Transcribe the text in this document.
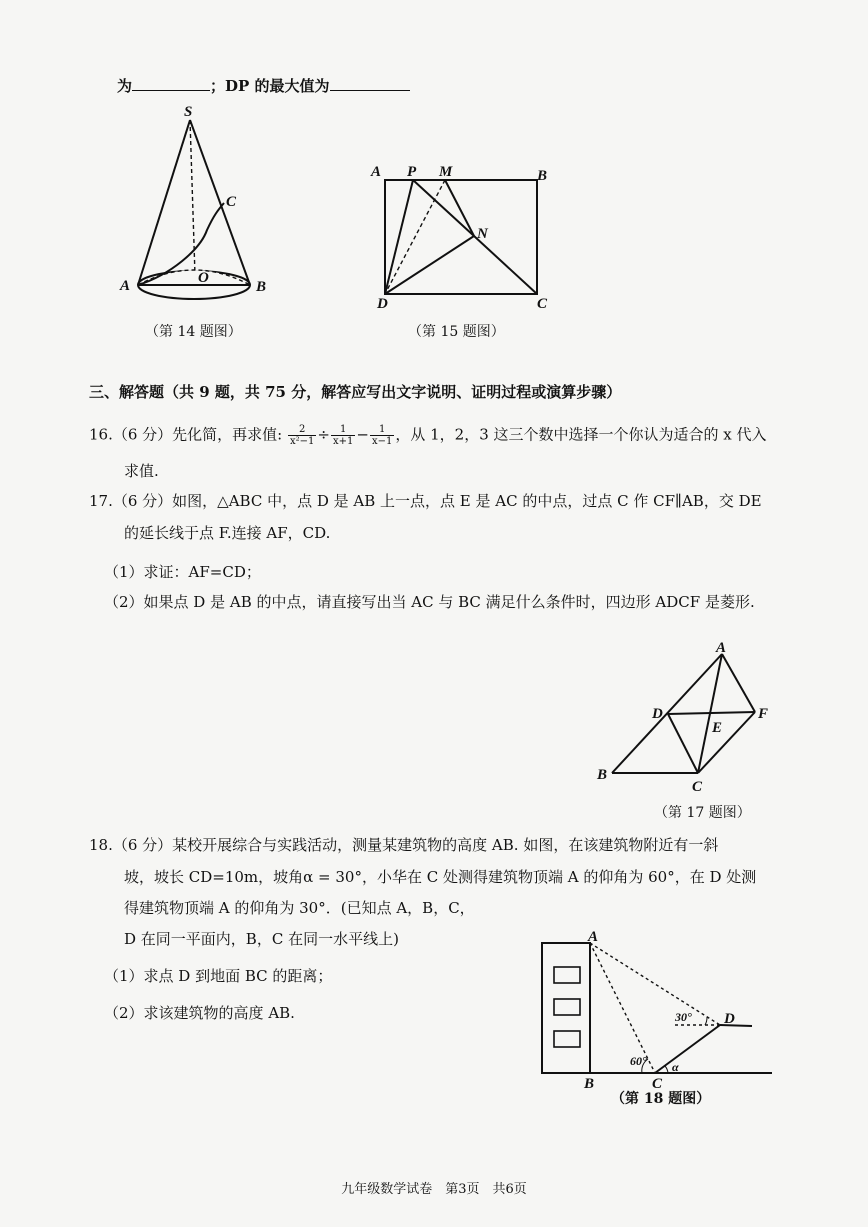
为	；DP 的最大值为
S
C
A	O
B
（第 14 题图）
A P M	B
N
D	C
（第 15 题图）
三、解答题（共 9 题，共 75 分，解答应写出文字说明、证明过程或演算步骤）
16.（6 分）先化简，再求值: $\frac{2}{\text{x²−1}} \div \frac{1}{x+1} - \frac{1}{x-1}$ ，从 1，2，3 这三个数中选择一个你认为适合的 x 代入
求值.
17.（6 分）如图，△ABC 中，点 D 是 AB 上一点，点 E 是 AC 的中点，过点 C 作 CF∥AB，交 DE
的延长线于点 F.连接 AF，CD.
（1）求证：AF=CD；
（2）如果点 D 是 AB 的中点，请直接写出当 AC 与 BC 满足什么条件时，四边形 ADCF 是菱形.
A
D
E
F
B
C
（第 17 题图）
18.（6 分）某校开展综合与实践活动，测量某建筑物的高度 AB. 如图，在该建筑物附近有一斜
坡，坡长 CD=10m，坡角α = 30°，小华在 C 处测得建筑物顶端 A 的仰角为 60°，在 D 处测
得建筑物顶端 A 的仰角为 30°．(已知点 A，B，C，
D 在同一平面内，B，C 在同一水平线上)
（1）求点 D 到地面 BC 的距离；
（2）求该建筑物的高度 AB.
A
D
B	C
30°
60° α
（第 18 题图）
九年级数学试卷　第3页　共6页
